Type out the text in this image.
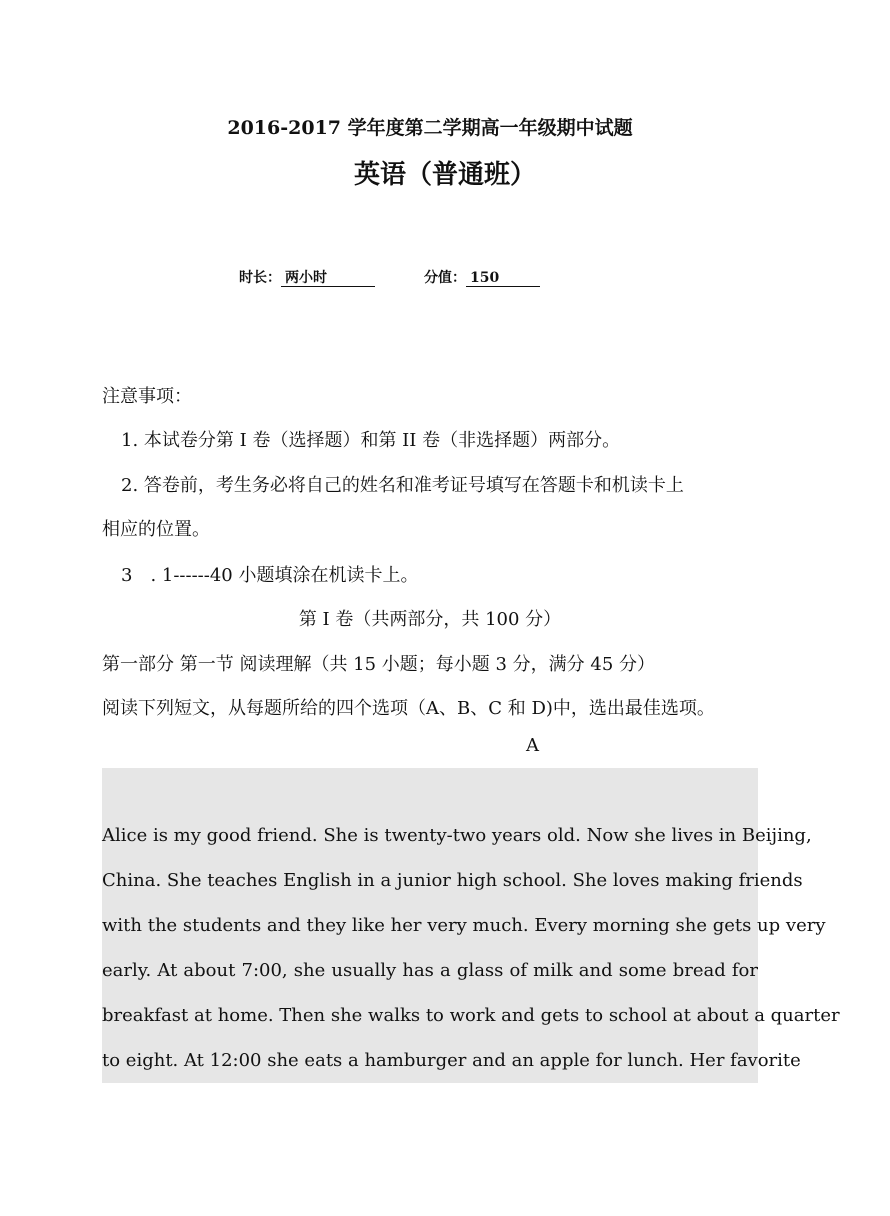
2016-2017 学年度第二学期高一年级期中试题
英语（普通班）
时长： 两小时	分值： 150
注意事项：
1. 本试卷分第 I 卷（选择题）和第 II 卷（非选择题）两部分。
2. 答卷前，考生务必将自己的姓名和准考证号填写在答题卡和机读卡上
相应的位置。
3 . 1------40 小题填涂在机读卡上。
第 I 卷（共两部分，共 100 分）
第一部分 第一节 阅读理解（共 15 小题；每小题 3 分，满分 45 分）
阅读下列短文，从每题所给的四个选项（A、B、C 和 D)中，选出最佳选项。
A
Alice is my good friend. She is twenty-two years old. Now she lives in Beijing,
China. She teaches English in a junior high school. She loves making friends
with the students and they like her very much. Every morning she gets up very
early. At about 7:00, she usually has a glass of milk and some bread for
breakfast at home. Then she walks to work and gets to school at about a quarter
to eight. At 12:00 she eats a hamburger and an apple for lunch. Her favorite
